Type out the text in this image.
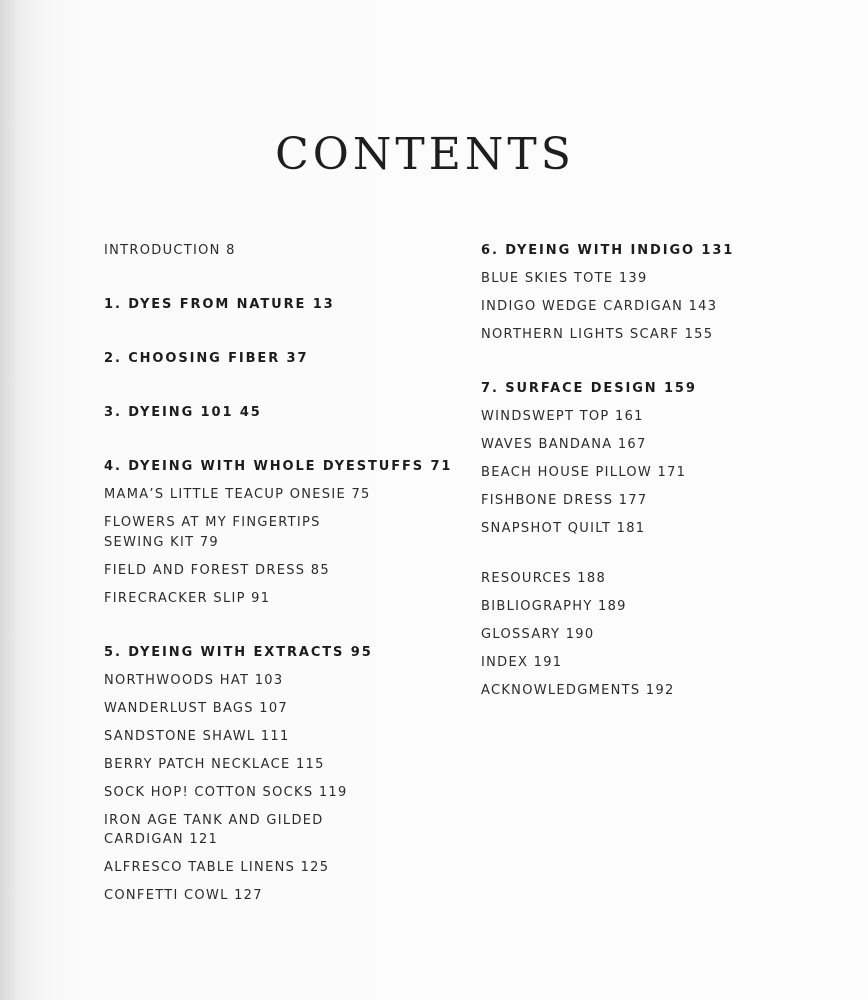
CONTENTS
INTRODUCTION 8
1. DYES FROM NATURE 13
2. CHOOSING FIBER 37
3. DYEING 101 45
4. DYEING WITH WHOLE DYESTUFFS 71
MAMA’S LITTLE TEACUP ONESIE 75
FLOWERS AT MY FINGERTIPS SEWING KIT 79
FIELD AND FOREST DRESS 85
FIRECRACKER SLIP 91
5. DYEING WITH EXTRACTS 95
NORTHWOODS HAT 103
WANDERLUST BAGS 107
SANDSTONE SHAWL 111
BERRY PATCH NECKLACE 115
SOCK HOP! COTTON SOCKS 119
IRON AGE TANK AND GILDED CARDIGAN 121
ALFRESCO TABLE LINENS 125
CONFETTI COWL 127
6. DYEING WITH INDIGO 131
BLUE SKIES TOTE 139
INDIGO WEDGE CARDIGAN 143
NORTHERN LIGHTS SCARF 155
7. SURFACE DESIGN 159
WINDSWEPT TOP 161
WAVES BANDANA 167
BEACH HOUSE PILLOW 171
FISHBONE DRESS 177
SNAPSHOT QUILT 181
RESOURCES 188
BIBLIOGRAPHY 189
GLOSSARY 190
INDEX 191
ACKNOWLEDGMENTS 192
